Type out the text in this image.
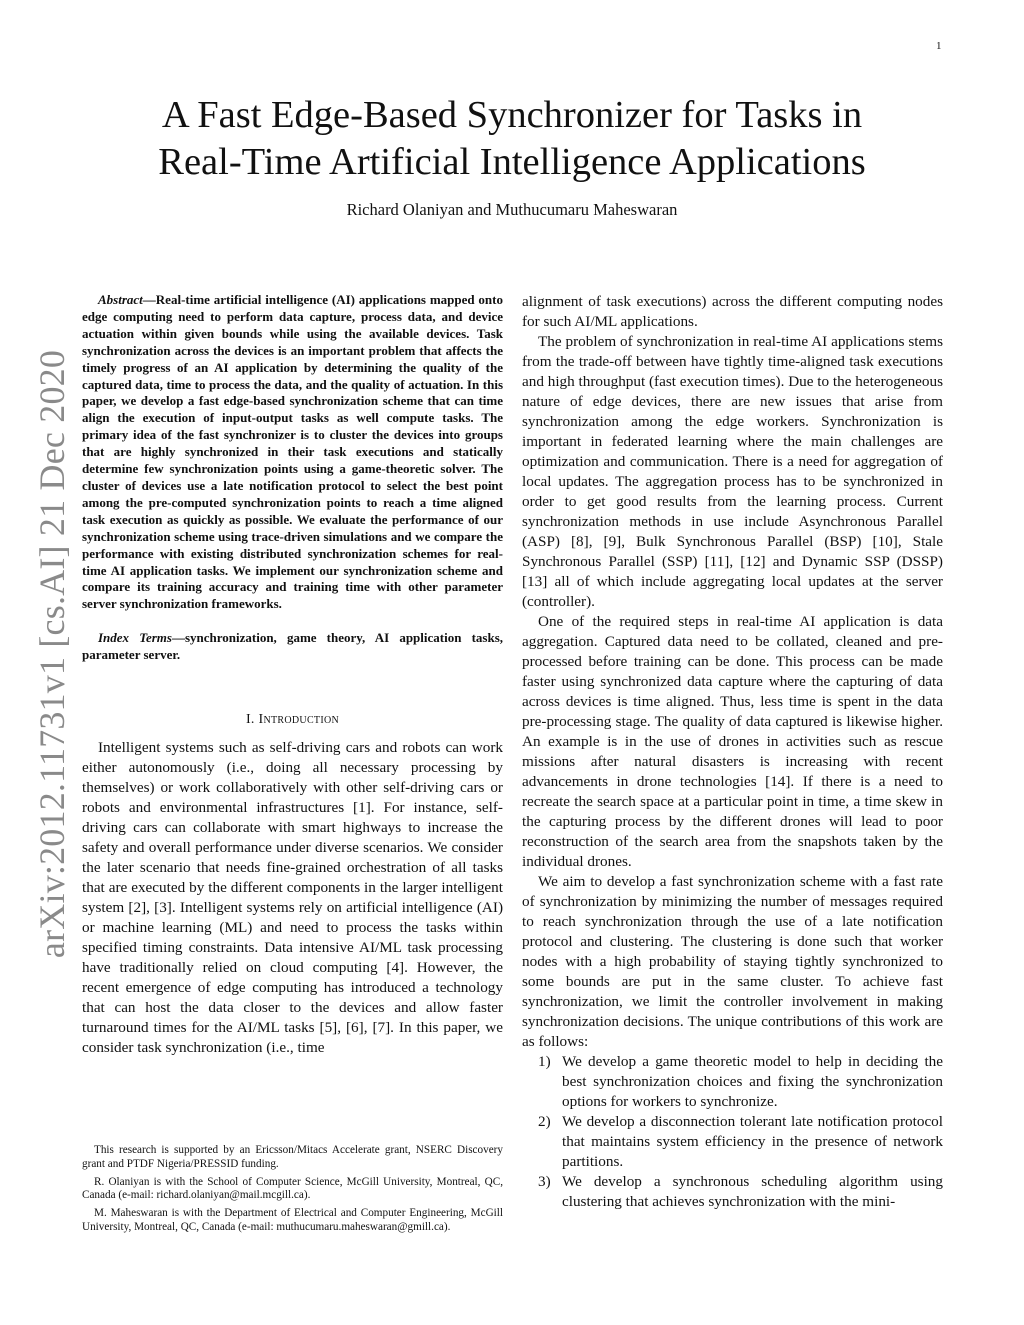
1
arXiv:2012.11731v1 [cs.AI] 21 Dec 2020
A Fast Edge-Based Synchronizer for Tasks in
Real-Time Artificial Intelligence Applications
Richard Olaniyan and Muthucumaru Maheswaran

Abstract—Real-time artificial intelligence (AI) applications mapped onto edge computing need to perform data capture, process data, and device actuation within given bounds while using the available devices. Task synchronization across the devices is an important problem that affects the timely progress of an AI application by determining the quality of the captured data, time to process the data, and the quality of actuation. In this paper, we develop a fast edge-based synchronization scheme that can time align the execution of input-output tasks as well compute tasks. The primary idea of the fast synchronizer is to cluster the devices into groups that are highly synchronized in their task executions and statically determine few synchronization points using a game-theoretic solver. The cluster of devices use a late notification protocol to select the best point among the pre-computed synchronization points to reach a time aligned task execution as quickly as possible. We evaluate the performance of our synchronization scheme using trace-driven simulations and we compare the performance with existing distributed synchronization schemes for real-time AI application tasks. We implement our synchronization scheme and compare its training accuracy and training time with other parameter server synchronization frameworks.

Index Terms—synchronization, game theory, AI application tasks, parameter server.

I. Introduction

Intelligent systems such as self-driving cars and robots can work either autonomously (i.e., doing all necessary processing by themselves) or work collaboratively with other self-driving cars or robots and environmental infrastructures [1]. For instance, self-driving cars can collaborate with smart highways to increase the safety and overall performance under diverse scenarios. We consider the later scenario that needs fine-grained orchestration of all tasks that are executed by the different components in the larger intelligent system [2], [3]. Intelligent systems rely on artificial intelligence (AI) or machine learning (ML) and need to process the tasks within specified timing constraints. Data intensive AI/ML task processing have traditionally relied on cloud computing [4]. However, the recent emergence of edge computing has introduced a technology that can host the data closer to the devices and allow faster turnaround times for the AI/ML tasks [5], [6], [7]. In this paper, we consider task synchronization (i.e., time

alignment of task executions) across the different computing nodes for such AI/ML applications.

The problem of synchronization in real-time AI applications stems from the trade-off between have tightly time-aligned task executions and high throughput (fast execution times). Due to the heterogeneous nature of edge devices, there are new issues that arise from synchronization among the edge workers. Synchronization is important in federated learning where the main challenges are optimization and communication. There is a need for aggregation of local updates. The aggregation process has to be synchronized in order to get good results from the learning process. Current synchronization methods in use include Asynchronous Parallel (ASP) [8], [9], Bulk Synchronous Parallel (BSP) [10], Stale Synchronous Parallel (SSP) [11], [12] and Dynamic SSP (DSSP) [13] all of which include aggregating local updates at the server (controller).

One of the required steps in real-time AI application is data aggregation. Captured data need to be collated, cleaned and pre-processed before training can be done. This process can be made faster using synchronized data capture where the capturing of data across devices is time aligned. Thus, less time is spent in the data pre-processing stage. The quality of data captured is likewise higher. An example is in the use of drones in activities such as rescue missions after natural disasters is increasing with recent advancements in drone technologies [14]. If there is a need to recreate the search space at a particular point in time, a time skew in the capturing process by the different drones will lead to poor reconstruction of the search area from the snapshots taken by the individual drones.

We aim to develop a fast synchronization scheme with a fast rate of synchronization by minimizing the number of messages required to reach synchronization through the use of a late notification protocol and clustering. The clustering is done such that worker nodes with a high probability of staying tightly synchronized to some bounds are put in the same cluster. To achieve fast synchronization, we limit the controller involvement in making synchronization decisions. The unique contributions of this work are as follows:

1) We develop a game theoretic model to help in deciding the best synchronization choices and fixing the synchronization options for workers to synchronize.
2) We develop a disconnection tolerant late notification protocol that maintains system efficiency in the presence of network partitions.
3) We develop a synchronous scheduling algorithm using clustering that achieves synchronization with the mini-

This research is supported by an Ericsson/Mitacs Accelerate grant, NSERC Discovery grant and PTDF Nigeria/PRESSID funding.

R. Olaniyan is with the School of Computer Science, McGill University, Montreal, QC, Canada (e-mail: richard.olaniyan@mail.mcgill.ca).

M. Maheswaran is with the Department of Electrical and Computer Engineering, McGill University, Montreal, QC, Canada (e-mail: muthucumaru.maheswaran@gmill.ca).
